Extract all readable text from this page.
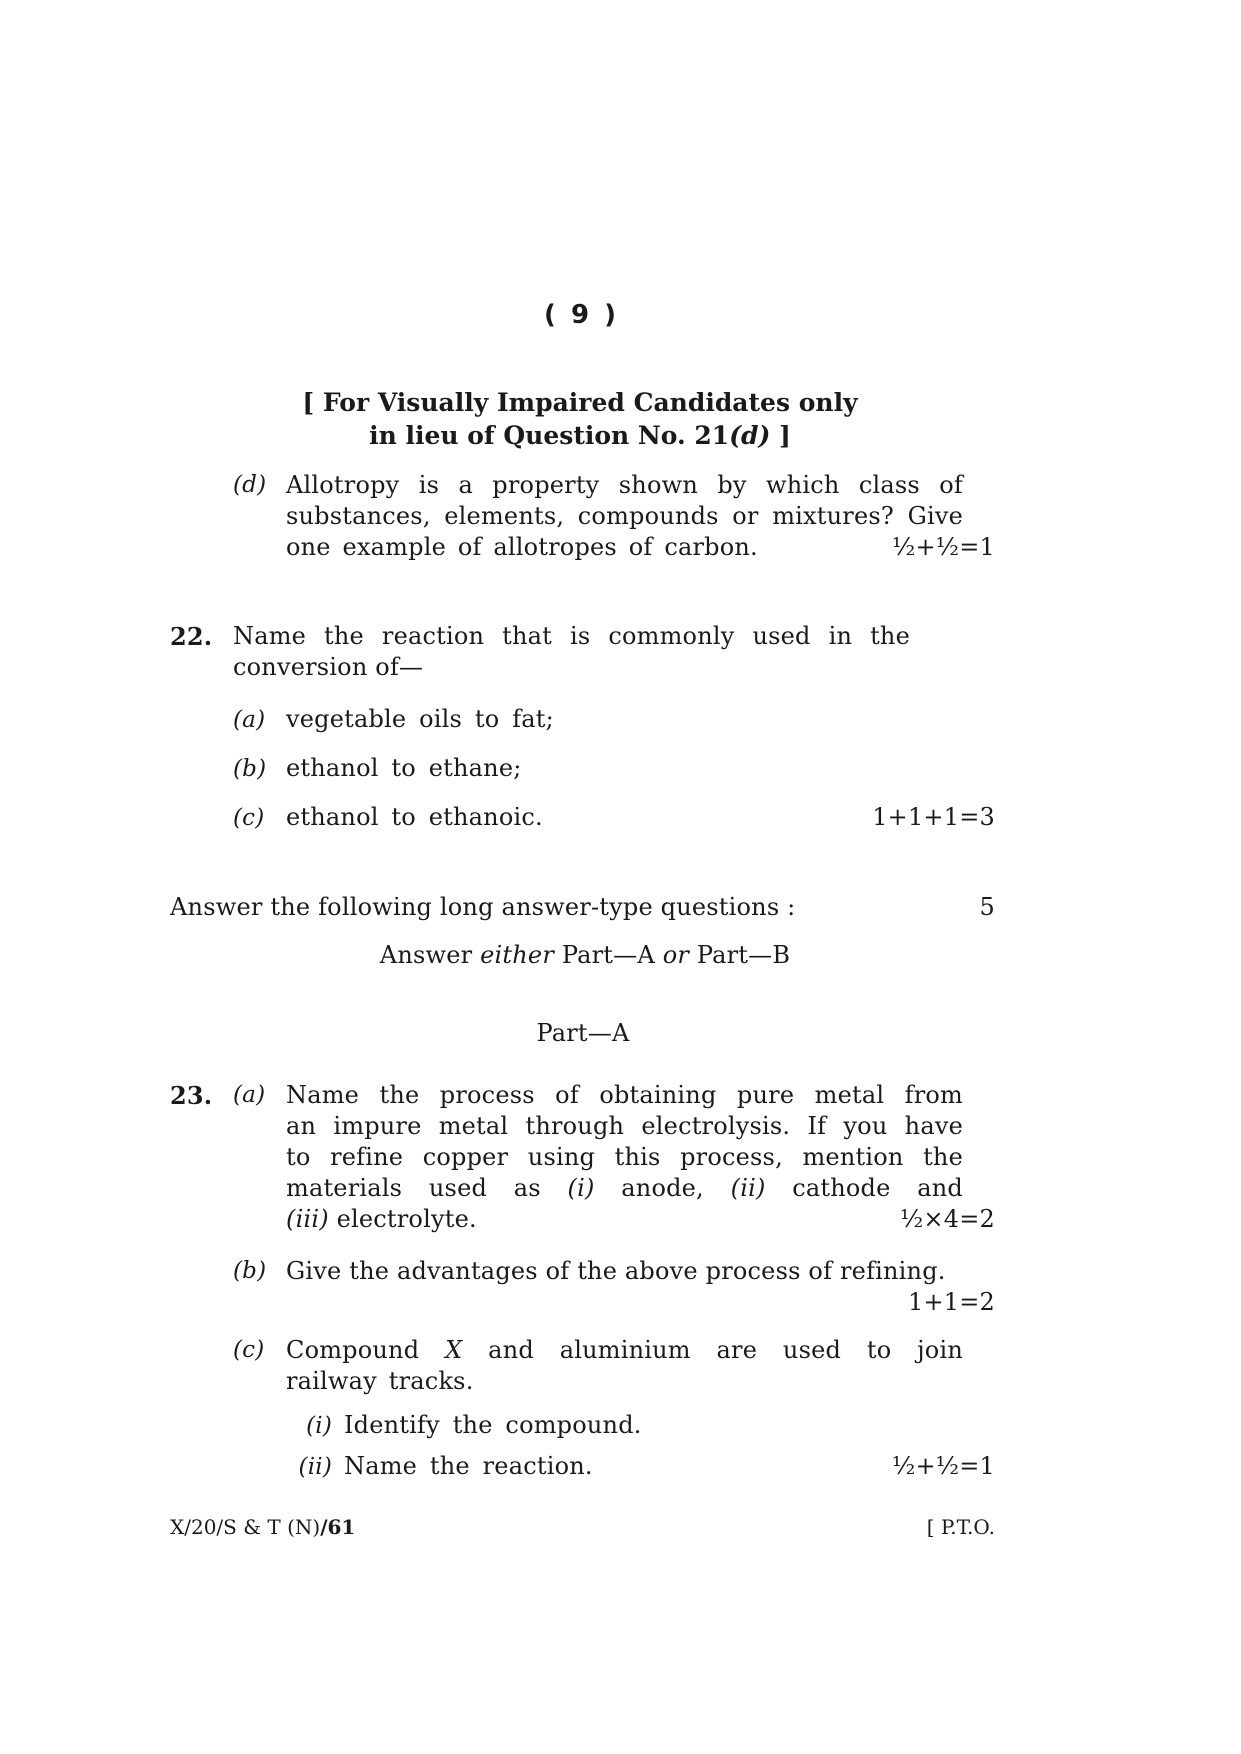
( 9 )
[ For Visually Impaired Candidates only
in lieu of Question No. 21(d) ]
(d) Allotropy is a property shown by which class of
substances, elements, compounds or mixtures? Give
one example of allotropes of carbon.	½+½=1
22. Name the reaction that is commonly used in the
conversion of—
(a) vegetable oils to fat;
(b) ethanol to ethane;
(c) ethanol to ethanoic.	1+1+1=3
Answer the following long answer-type questions :	5
Answer either Part—A or Part—B
Part—A
23. (a) Name the process of obtaining pure metal from
an impure metal through electrolysis. If you have
to refine copper using this process, mention the
materials used as (i) anode, (ii) cathode and
(iii) electrolyte.	½×4=2
(b) Give the advantages of the above process of refining.
1+1=2
(c) Compound X and aluminium are used to join
railway tracks.
(i) Identify the compound.
(ii) Name the reaction.	½+½=1
X/20/S & T (N)/61	[ P.T.O.
